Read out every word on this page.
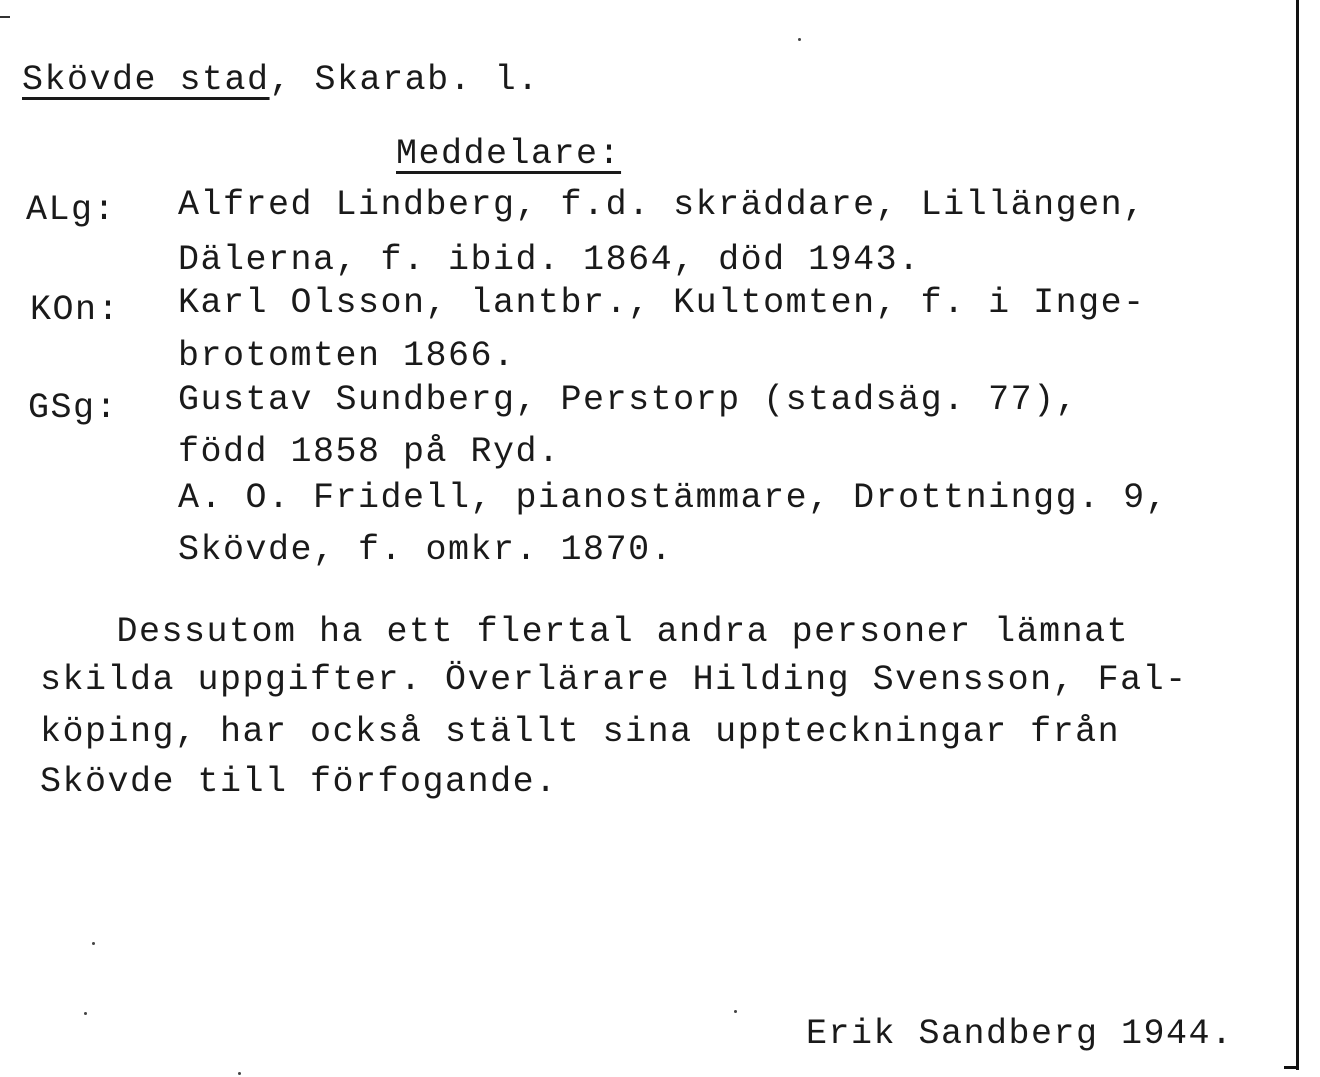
Skövde stad, Skarab. l.
Meddelare:
ALg: Alfred Lindberg, f.d. skräddare, Lillängen,
Dälerna, f. ibid. 1864, död 1943.
KOn: Karl Olsson, lantbr., Kultomten, f. i Inge-
brotomten 1866.
GSg: Gustav Sundberg, Perstorp (stadsäg. 77),
född 1858 på Ryd.
A. O. Fridell, pianostämmare, Drottningg. 9,
Skövde, f. omkr. 1870.
Dessutom ha ett flertal andra personer lämnat
skilda uppgifter. Överlärare Hilding Svensson, Fal-
köping, har också ställt sina uppteckningar från
Skövde till förfogande.
Erik Sandberg 1944.
